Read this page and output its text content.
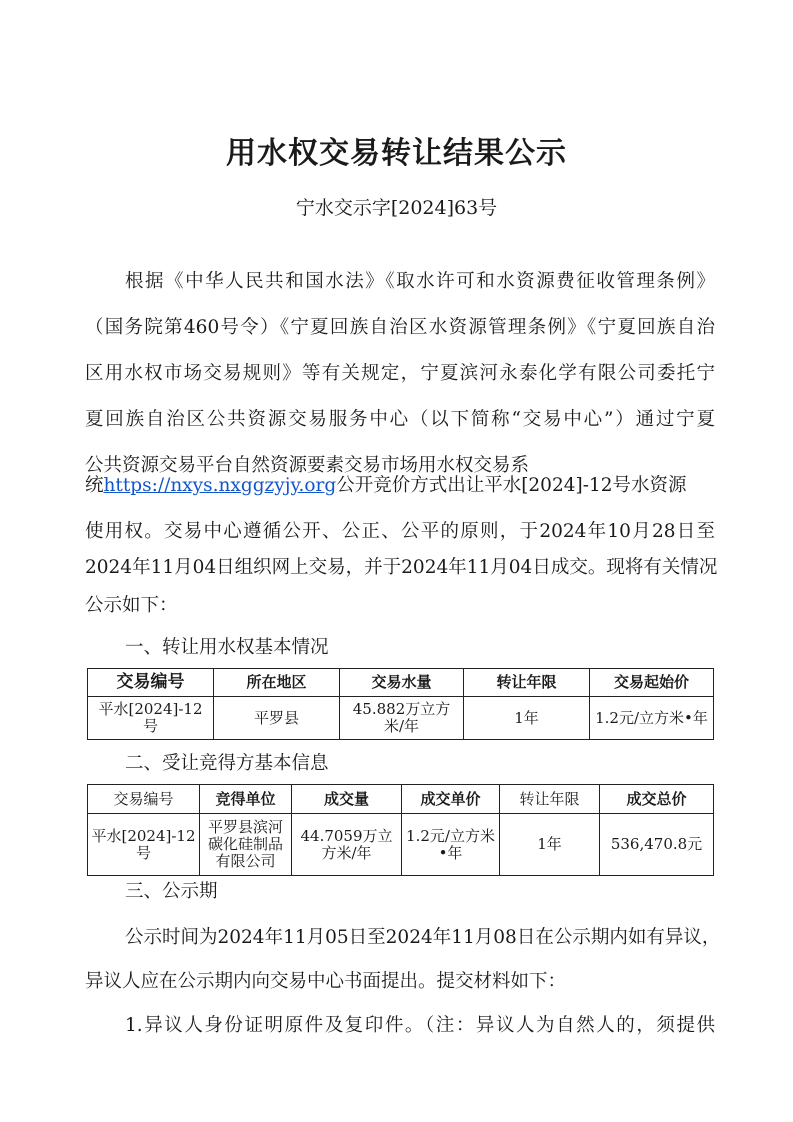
用水权交易转让结果公示
宁水交示字[2024]63号
根据《中华人民共和国水法》《取水许可和水资源费征收管理条例》
（国务院第460号令）《宁夏回族自治区水资源管理条例》《宁夏回族自治
区用水权市场交易规则》等有关规定，宁夏滨河永泰化学有限公司委托宁
夏回族自治区公共资源交易服务中心（以下简称“交易中心”）通过宁夏
公共资源交易平台自然资源要素交易市场用水权交易系
统https://nxys.nxggzyjy.org公开竞价方式出让平水[2024]-12号水资源
使用权。交易中心遵循公开、公正、公平的原则，于2024年10月28日至
2024年11月04日组织网上交易，并于2024年11月04日成交。现将有关情况
公示如下：
一、转让用水权基本情况
交易编号	所在地区	交易水量	转让年限	交易起始价
平水[2024]-12号	平罗县	45.882万立方米/年	1年	1.2元/立方米•年
二、受让竞得方基本信息
交易编号	竞得单位	成交量	成交单价	转让年限	成交总价
平水[2024]-12号	平罗县滨河碳化硅制品有限公司	44.7059万立方米/年	1.2元/立方米•年	1年	536,470.8元
三、公示期
公示时间为2024年11月05日至2024年11月08日在公示期内如有异议，
异议人应在公示期内向交易中心书面提出。提交材料如下：
1.异议人身份证明原件及复印件。（注：异议人为自然人的，须提供
